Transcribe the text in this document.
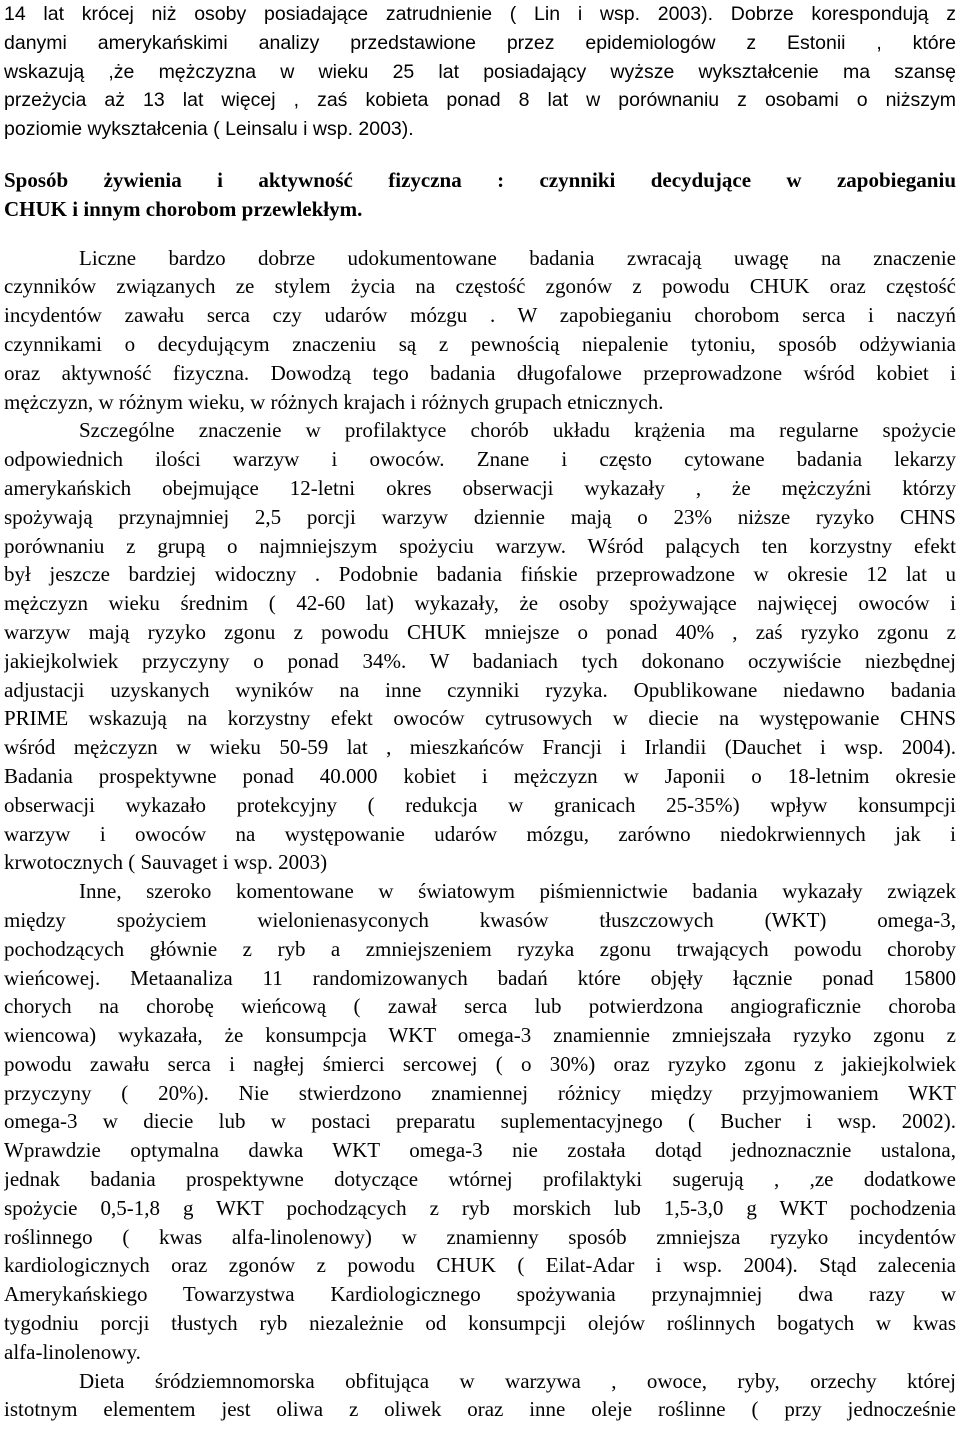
14 lat krócej niż osoby posiadające zatrudnienie ( Lin i wsp. 2003). Dobrze korespondują z
danymi amerykańskimi analizy przedstawione przez epidemiologów z Estonii , które
wskazują ,że mężczyzna w wieku 25 lat posiadający wyższe wykształcenie ma szansę
przeżycia aż 13 lat więcej , zaś kobieta ponad 8 lat w porównaniu z osobami o niższym
poziomie wykształcenia ( Leinsalu i wsp. 2003).
Sposób żywienia i aktywność fizyczna : czynniki decydujące w zapobieganiu
CHUK i innym chorobom przewlekłym.
Liczne bardzo dobrze udokumentowane badania zwracają uwagę na znaczenie
czynników związanych ze stylem życia na częstość zgonów z powodu CHUK oraz częstość
incydentów zawału serca czy udarów mózgu . W zapobieganiu chorobom serca i naczyń
czynnikami o decydującym znaczeniu są z pewnością niepalenie tytoniu, sposób odżywiania
oraz aktywność fizyczna. Dowodzą tego badania długofalowe przeprowadzone wśród kobiet i
mężczyzn, w różnym wieku, w różnych krajach i różnych grupach etnicznych.
Szczególne znaczenie w profilaktyce chorób układu krążenia ma regularne spożycie
odpowiednich ilości warzyw i owoców. Znane i często cytowane badania lekarzy
amerykańskich obejmujące 12-letni okres obserwacji wykazały , że mężczyźni którzy
spożywają przynajmniej 2,5 porcji warzyw dziennie mają o 23% niższe ryzyko CHNS
porównaniu z grupą o najmniejszym spożyciu warzyw. Wśród palących ten korzystny efekt
był jeszcze bardziej widoczny . Podobnie badania fińskie przeprowadzone w okresie 12 lat u
mężczyzn wieku średnim ( 42-60 lat) wykazały, że osoby spożywające najwięcej owoców i
warzyw mają ryzyko zgonu z powodu CHUK mniejsze o ponad 40% , zaś ryzyko zgonu z
jakiejkolwiek przyczyny o ponad 34%. W badaniach tych dokonano oczywiście niezbędnej
adjustacji uzyskanych wyników na inne czynniki ryzyka. Opublikowane niedawno badania
PRIME wskazują na korzystny efekt owoców cytrusowych w diecie na występowanie CHNS
wśród mężczyzn w wieku 50-59 lat , mieszkańców Francji i Irlandii (Dauchet i wsp. 2004).
Badania prospektywne ponad 40.000 kobiet i mężczyzn w Japonii o 18-letnim okresie
obserwacji wykazało protekcyjny ( redukcja w granicach 25-35%) wpływ konsumpcji
warzyw i owoców na występowanie udarów mózgu, zarówno niedokrwiennych jak i
krwotocznych ( Sauvaget i wsp. 2003)
Inne, szeroko komentowane w światowym piśmiennictwie badania wykazały związek
między spożyciem wielonienasyconych kwasów tłuszczowych (WKT) omega-3,
pochodzących głównie z ryb a zmniejszeniem ryzyka zgonu trwających powodu choroby
wieńcowej. Metaanaliza 11 randomizowanych badań które objęły łącznie ponad 15800
chorych na chorobę wieńcową ( zawał serca lub potwierdzona angiograficznie choroba
wiencowa) wykazała, że konsumpcja WKT omega-3 znamiennie zmniejszała ryzyko zgonu z
powodu zawału serca i nagłej śmierci sercowej ( o 30%) oraz ryzyko zgonu z jakiejkolwiek
przyczyny ( 20%). Nie stwierdzono znamiennej różnicy między przyjmowaniem WKT
omega-3 w diecie lub w postaci preparatu suplementacyjnego ( Bucher i wsp. 2002).
Wprawdzie optymalna dawka WKT omega-3 nie została dotąd jednoznacznie ustalona,
jednak badania prospektywne dotyczące wtórnej profilaktyki sugerują , ,ze dodatkowe
spożycie 0,5-1,8 g WKT pochodzących z ryb morskich lub 1,5-3,0 g WKT pochodzenia
roślinnego ( kwas alfa-linolenowy) w znamienny sposób zmniejsza ryzyko incydentów
kardiologicznych oraz zgonów z powodu CHUK ( Eilat-Adar i wsp. 2004). Stąd zalecenia
Amerykańskiego Towarzystwa Kardiologicznego spożywania przynajmniej dwa razy w
tygodniu porcji tłustych ryb niezależnie od konsumpcji olejów roślinnych bogatych w kwas
alfa-linolenowy.
Dieta śródziemnomorska obfitująca w warzywa , owoce, ryby, orzechy której
istotnym elementem jest oliwa z oliwek oraz inne oleje roślinne ( przy jednocześnie
